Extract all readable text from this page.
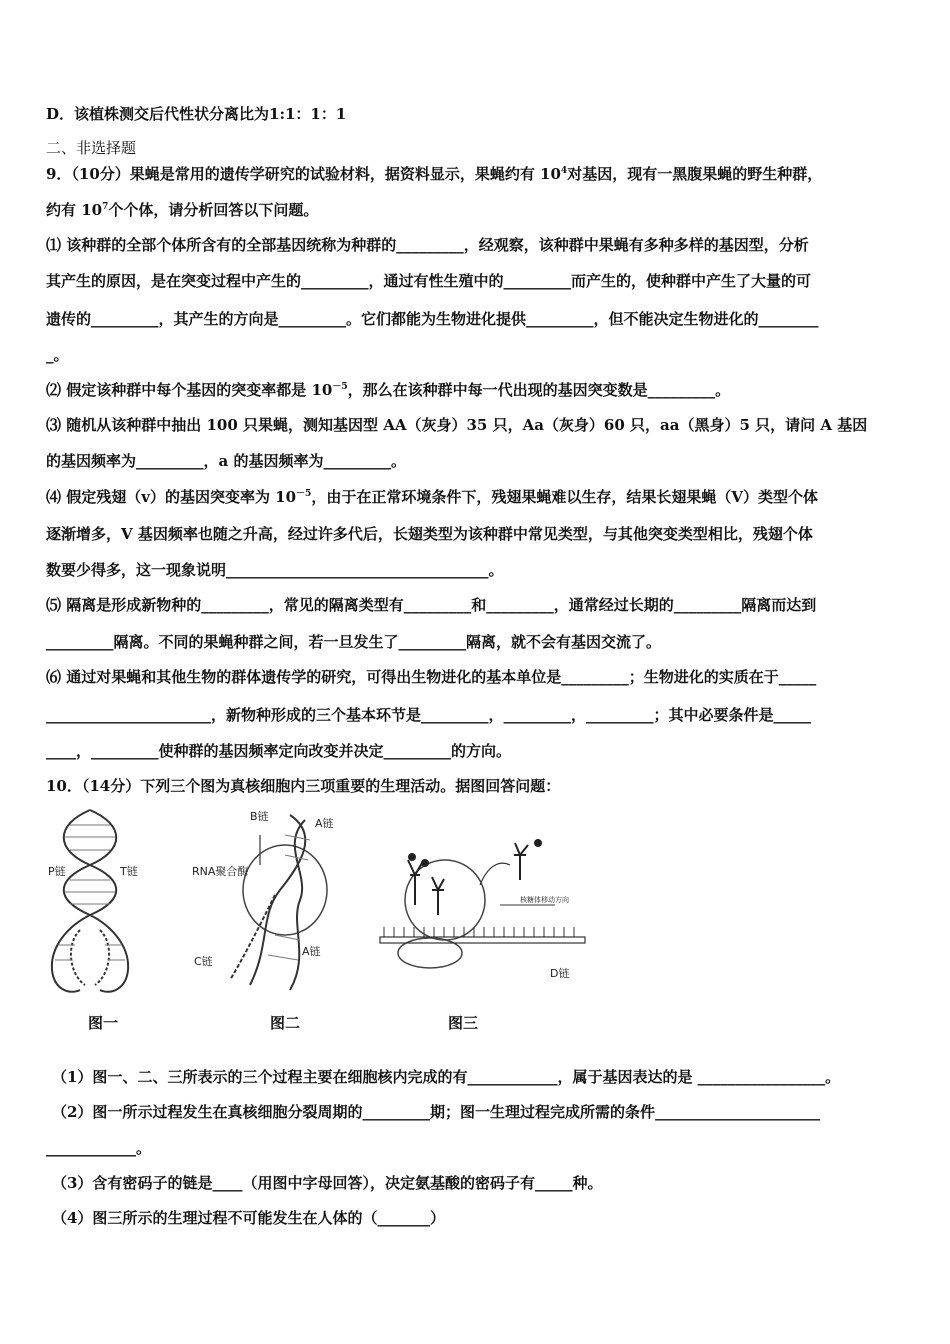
D．该植株测交后代性状分离比为1:1：1：1
二、非选择题
9．（10分）果蝇是常用的遗传学研究的试验材料，据资料显示，果蝇约有 $10^4$对基因，现有一黑腹果蝇的野生种群，
约有 $10^7$个个体，请分析回答以下问题。
⑴ 该种群的全部个体所含有的全部基因统称为种群的_________，经观察，该种群中果蝇有多种多样的基因型，分析
其产生的原因，是在突变过程中产生的_________，通过有性生殖中的_________而产生的，使种群中产生了大量的可
遗传的_________，其产生的方向是_________。它们都能为生物进化提供_________，但不能决定生物进化的________
_。
⑵ 假定该种群中每个基因的突变率都是 $10^{-5}$，那么在该种群中每一代出现的基因突变数是_________。
⑶ 随机从该种群中抽出 100 只果蝇，测知基因型 AA（灰身）35 只，Aa（灰身）60 只，aa（黑身）5 只，请问 A 基因
的基因频率为_________，a 的基因频率为_________。
⑷ 假定残翅（v）的基因突变率为 $10^{-5}$，由于在正常环境条件下，残翅果蝇难以生存，结果长翅果蝇（V）类型个体
逐渐增多，V 基因频率也随之升高，经过许多代后，长翅类型为该种群中常见类型，与其他突变类型相比，残翅个体
数要少得多，这一现象说明___________________________________。
⑸ 隔离是形成新物种的_________，常见的隔离类型有_________和_________，通常经过长期的_________隔离而达到
_________隔离。不同的果蝇种群之间，若一旦发生了_________隔离，就不会有基因交流了。
⑹ 通过对果蝇和其他生物的群体遗传学的研究，可得出生物进化的基本单位是_________；生物进化的实质在于_____
______________________，新物种形成的三个基本环节是_________，_________，_________；其中必要条件是_____
____，_________使种群的基因频率定向改变并决定_________的方向。
10．（14分）下列三个图为真核细胞内三项重要的生理活动。据图回答问题：
P链	T链
图一
B链
A链
RNA聚合酶
C链
A链
图二
核糖体移动方向
D链
图三
（1）图一、二、三所表示的三个过程主要在细胞核内完成的有____________，属于基因表达的是 _________________。
（2）图一所示过程发生在真核细胞分裂周期的_________期；图一生理过程完成所需的条件______________________
____________。
（3）含有密码子的链是____（用图中字母回答），决定氨基酸的密码子有_____种。
（4）图三所示的生理过程不可能发生在人体的（_______）
